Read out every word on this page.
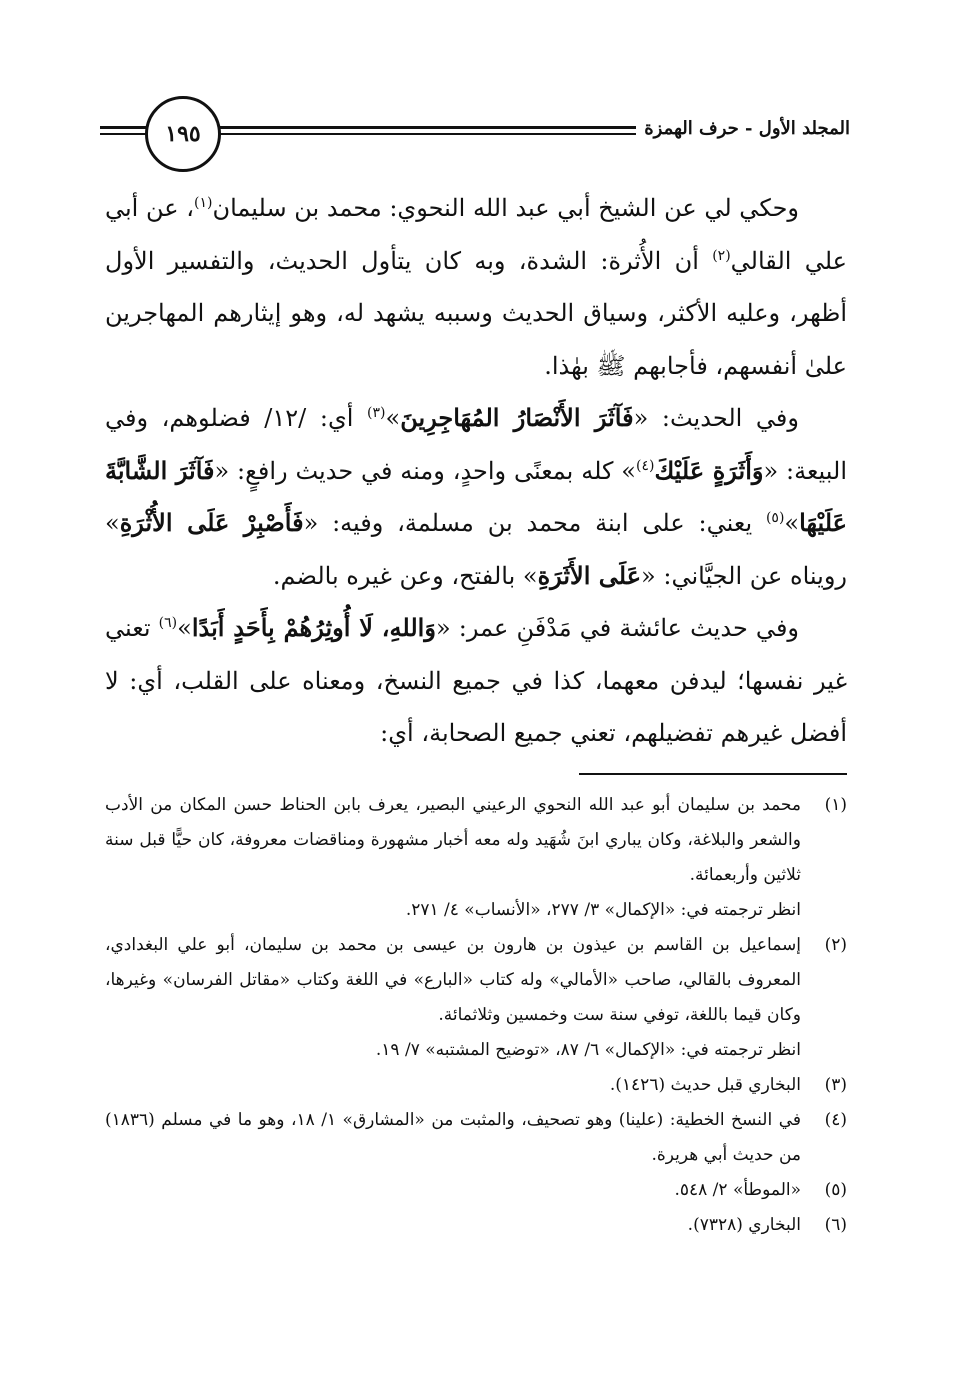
١٩٥	المجلد الأول - حرف الهمزة

وحكي لي عن الشيخ أبي عبد الله النحوي: محمد بن سليمان$^{(١)}$، عن أبي علي القالي$^{(٢)}$ أن الأُثرة: الشدة، وبه كان يتأول الحديث، والتفسير الأول أظهر، وعليه الأكثر، وسياق الحديث وسببه يشهد له، وهو إيثارهم المهاجرين علىٰ أنفسهم، فأجابهم ﷺ بهٰذا.

وفي الحديث: «فَآثَرَ الأَنْصَارُ المُهَاجِرِينَ»$^{(٣)}$ أي: /١٢/ فضلوهم، وفي البيعة: «وَأَثَرَةٍ عَلَيْكَ$^{(٤)}$» كله بمعنًى واحدٍ، ومنه في حديث رافعٍ: «فَآثَرَ الشَّابَّةَ عَلَيْهَا»$^{(٥)}$ يعني: على ابنة محمد بن مسلمة، وفيه: «فَأَصْبِرْ عَلَى الأُثْرَةِ» رويناه عن الجيَّاني: «عَلَى الأَثَرَةِ» بالفتح، وعن غيره بالضم.

وفي حديث عائشة في مَدْفَنِ عمر: «وَاللهِ، لَا أُوثِرُهُمْ بِأَحَدٍ أَبَدًا»$^{(٦)}$ تعني غير نفسها؛ ليدفن معهما، كذا في جميع النسخ، ومعناه على القلب، أي: لا أفضل غيرهم تفضيلهم، تعني جميع الصحابة، أي:

(١)
محمد بن سليمان أبو عبد الله النحوي الرعيني البصير، يعرف بابن الحناط حسن المكان من الأدب والشعر والبلاغة، وكان يباري ابنَ شُهَيد وله معه أخبار مشهورة ومناقضات معروفة، كان حيًّا قبل سنة ثلاثين وأربعمائة.
انظر ترجمته في: «الإكمال» ٣/ ٢٧٧، «الأنساب» ٤/ ٢٧١.
(٢)
إسماعيل بن القاسم بن عيذون بن هارون بن عيسى بن محمد بن سليمان، أبو علي البغدادي، المعروف بالقالي، صاحب «الأمالي» وله كتاب «البارع» في اللغة وكتاب «مقاتل الفرسان» وغيرها، وكان قيما باللغة، توفي سنة ست وخمسين وثلاثمائة.
انظر ترجمته في: «الإكمال» ٦/ ٨٧، «توضيح المشتبه» ٧/ ١٩.
(٣)
البخاري قبل حديث (١٤٢٦).
(٤)
في النسخ الخطية: (علينا) وهو تصحيف، والمثبت من «المشارق» ١/ ١٨، وهو ما في مسلم (١٨٣٦) من حديث أبي هريرة.
(٥)
«الموطأ» ٢/ ٥٤٨.
(٦)
البخاري (٧٣٢٨).
